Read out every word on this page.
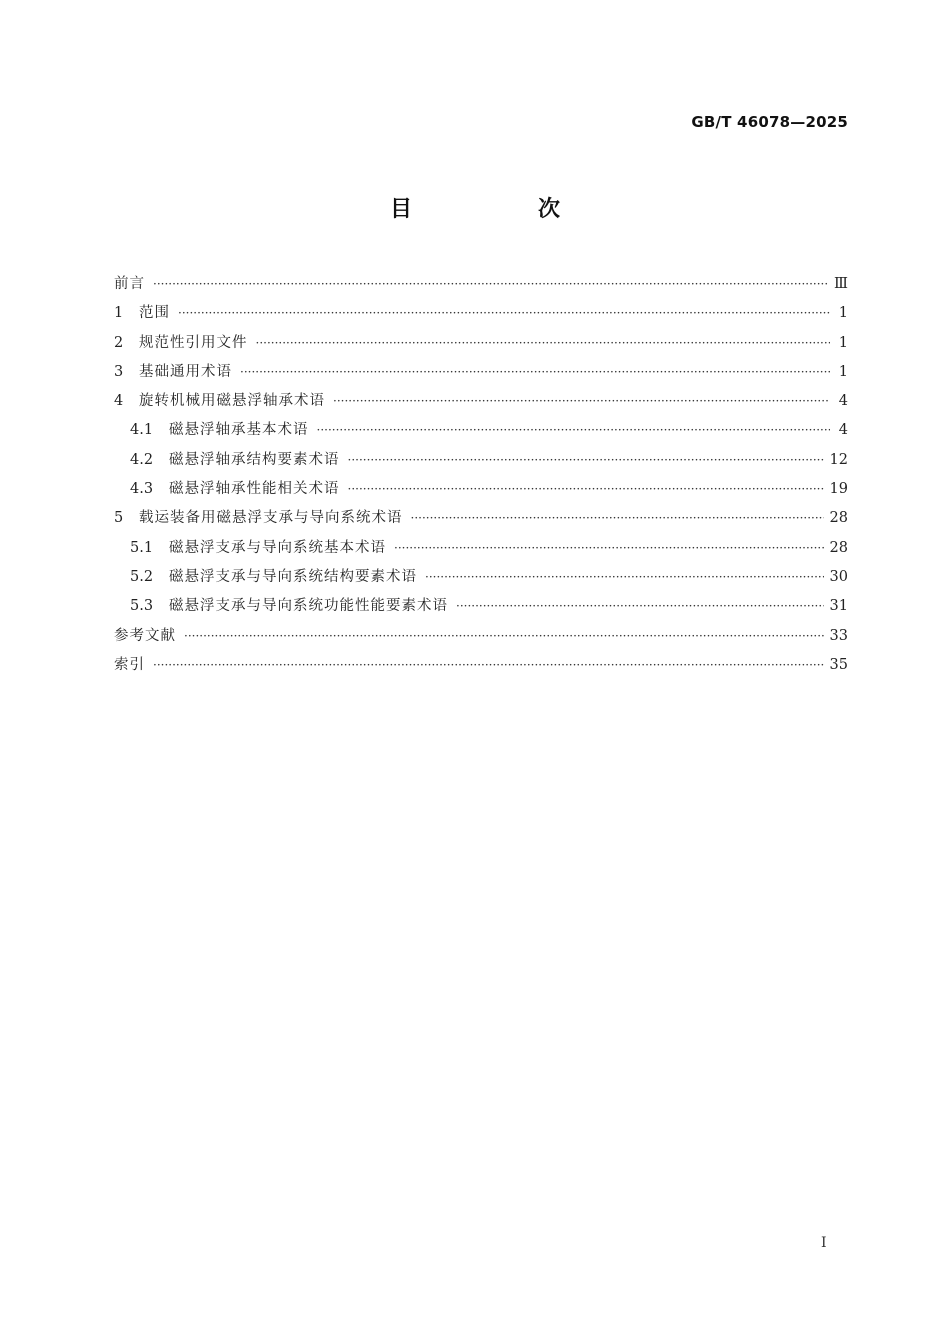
GB/T 46078—2025
目　次
前言 ·····	Ⅲ
1	范围 ·····	1
2	规范性引用文件 ·····	1
3	基础通用术语 ·····	1
4	旋转机械用磁悬浮轴承术语 ·····	4
4.1	磁悬浮轴承基本术语 ·····	4
4.2	磁悬浮轴承结构要素术语 ·····	12
4.3	磁悬浮轴承性能相关术语 ·····	19
5	载运装备用磁悬浮支承与导向系统术语 ·····	28
5.1	磁悬浮支承与导向系统基本术语 ·····	28
5.2	磁悬浮支承与导向系统结构要素术语 ·····	30
5.3	磁悬浮支承与导向系统功能性能要素术语 ·····	31
参考文献 ·····	33
索引 ·····	35
I
